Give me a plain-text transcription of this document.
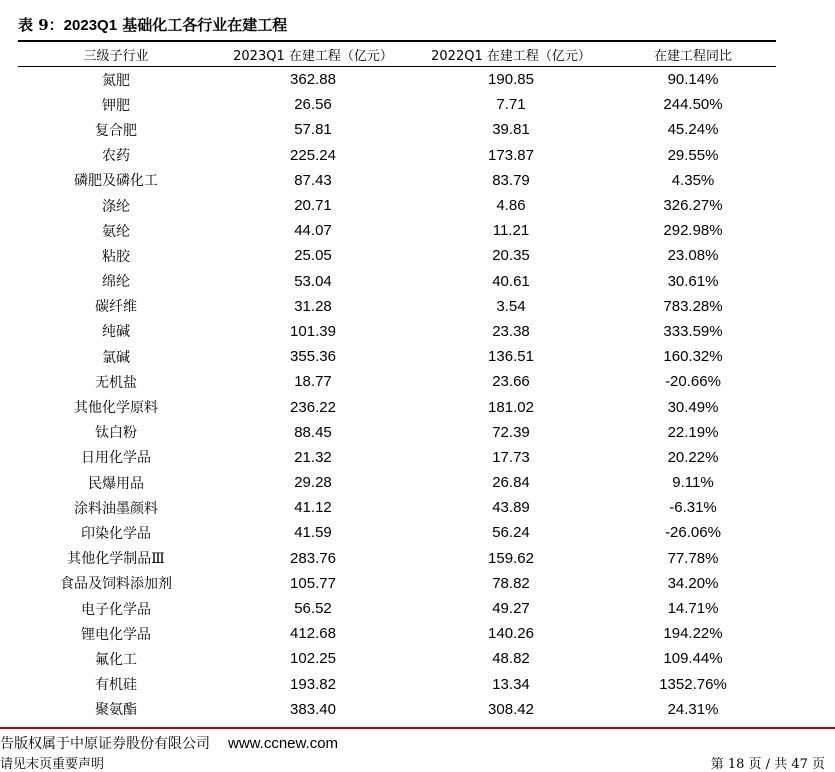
表 9：2023Q1 基础化工各行业在建工程
三级子行业	2023Q1 在建工程（亿元）	2022Q1 在建工程（亿元）	在建工程同比
氮肥	362.88	190.85	90.14%
钾肥	26.56	7.71	244.50%
复合肥	57.81	39.81	45.24%
农药	225.24	173.87	29.55%
磷肥及磷化工	87.43	83.79	4.35%
涤纶	20.71	4.86	326.27%
氨纶	44.07	11.21	292.98%
粘胶	25.05	20.35	23.08%
绵纶	53.04	40.61	30.61%
碳纤维	31.28	3.54	783.28%
纯碱	101.39	23.38	333.59%
氯碱	355.36	136.51	160.32%
无机盐	18.77	23.66	-20.66%
其他化学原料	236.22	181.02	30.49%
钛白粉	88.45	72.39	22.19%
日用化学品	21.32	17.73	20.22%
民爆用品	29.28	26.84	9.11%
涂料油墨颜料	41.12	43.89	-6.31%
印染化学品	41.59	56.24	-26.06%
其他化学制品Ⅲ	283.76	159.62	77.78%
食品及饲料添加剂	105.77	78.82	34.20%
电子化学品	56.52	49.27	14.71%
锂电化学品	412.68	140.26	194.22%
氟化工	102.25	48.82	109.44%
有机硅	193.82	13.34	1352.76%
聚氨酯	383.40	308.42	24.31%
告版权属于中原证券股份有限公司 www.ccnew.com
请见末页重要声明	第 18 页 / 共 47 页
